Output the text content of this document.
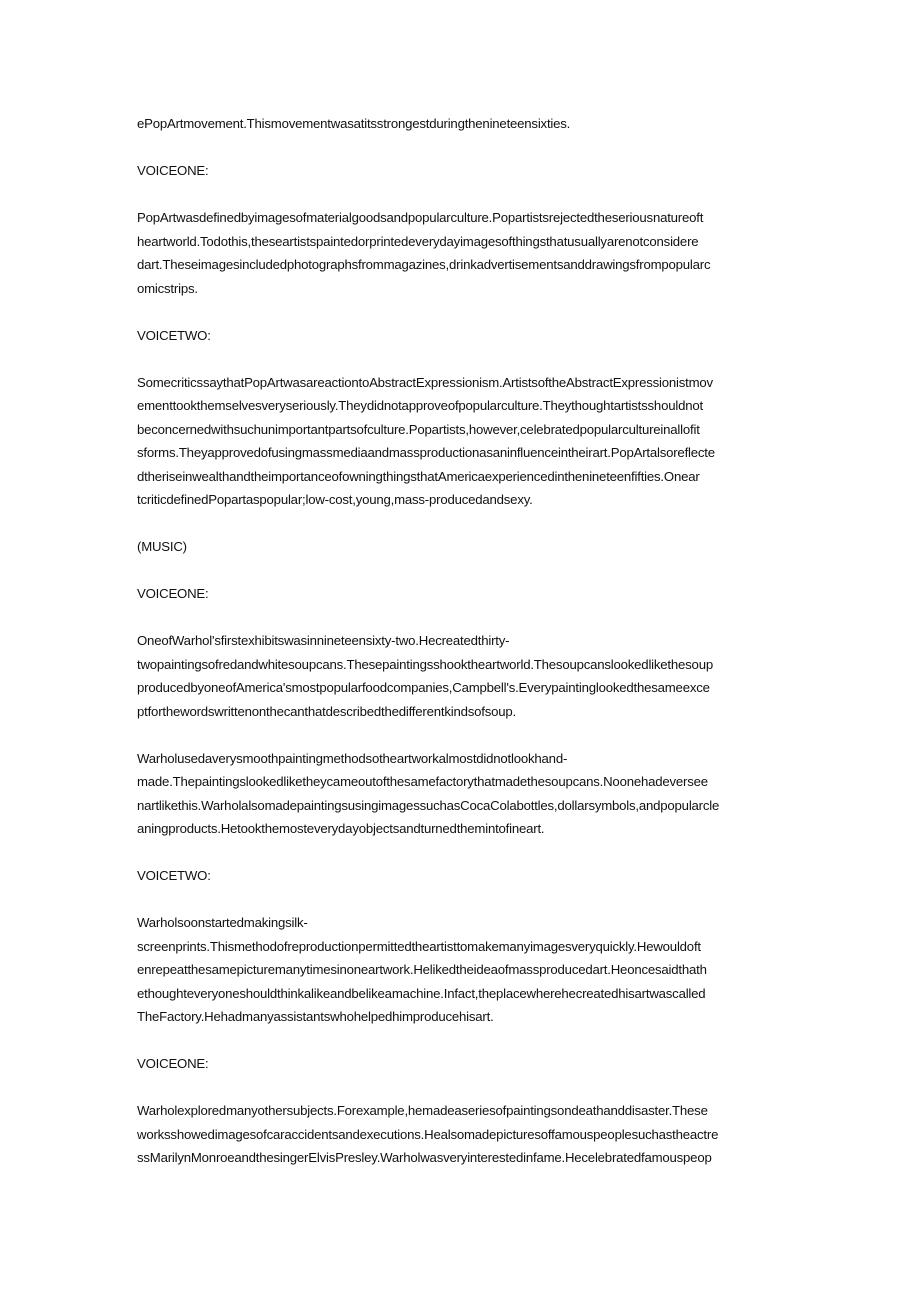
ePopArtmovement.Thismovementwasatitsstrongestduringthenineteensixties.
VOICEONE:
PopArtwasdefinedbyimagesofmaterialgoodsandpopularculture.Popartistsrejectedtheseriousnatureoft
heartworld.Todothis,theseartistspaintedorprintedeverydayimagesofthingsthatusuallyarenotconsidere
dart.Theseimagesincludedphotographsfrommagazines,drinkadvertisementsanddrawingsfrompopularc
omicstrips.
VOICETWO:
SomecriticssaythatPopArtwasareactiontoAbstractExpressionism.ArtistsoftheAbstractExpressionistmov
ementtookthemselvesveryseriously.Theydidnotapproveofpopularculture.Theythoughtartistsshouldnot
beconcernedwithsuchunimportantpartsofculture.Popartists,however,celebratedpopularcultureinallofit
sforms.Theyapprovedofusingmassmediaandmassproductionasaninfluenceintheirart.PopArtalsoreflecte
dtheriseinwealthandtheimportanceofowningthingsthatAmericaexperiencedinthenineteenfifties.Onear
tcriticdefinedPopartaspopular;low-cost,young,mass-producedandsexy.
(MUSIC)
VOICEONE:
OneofWarhol'sfirstexhibitswasinnineteensixty-two.Hecreatedthirty-
twopaintingsofredandwhitesoupcans.Thesepaintingsshooktheartworld.Thesoupcanslookedlikethesoup
producedbyoneofAmerica'smostpopularfoodcompanies,Campbell's.Everypaintinglookedthesameexce
ptforthewordswrittenonthecanthatdescribedthedifferentkindsofsoup.
Warholusedaverysmoothpaintingmethodsotheartworkalmostdidnotlookhand-
made.Thepaintingslookedliketheycameoutofthesamefactorythatmadethesoupcans.Noonehadeversee
nartlikethis.WarholalsomadepaintingsusingimagessuchasCocaColabottles,dollarsymbols,andpopularcle
aningproducts.Hetookthemosteverydayobjectsandturnedthemintofineart.
VOICETWO:
Warholsoonstartedmakingsilk-
screenprints.Thismethodofreproductionpermittedtheartisttomakemanyimagesveryquickly.Hewouldoft
enrepeatthesamepicturemanytimesinoneartwork.Helikedtheideaofmassproducedart.Heoncesaidthath
ethoughteveryoneshouldthinkalikeandbelikeamachine.Infact,theplacewherehecreatedhisartwascalled
TheFactory.Hehadmanyassistantswhohelpedhimproducehisart.
VOICEONE:
Warholexploredmanyothersubjects.Forexample,hemadeaseriesofpaintingsondeathanddisaster.These
worksshowedimagesofcaraccidentsandexecutions.Healsomadepicturesoffamouspeoplesuchastheactre
ssMarilynMonroeandthesingerElvisPresley.Warholwasveryinterestedinfame.Hecelebratedfamouspeop
